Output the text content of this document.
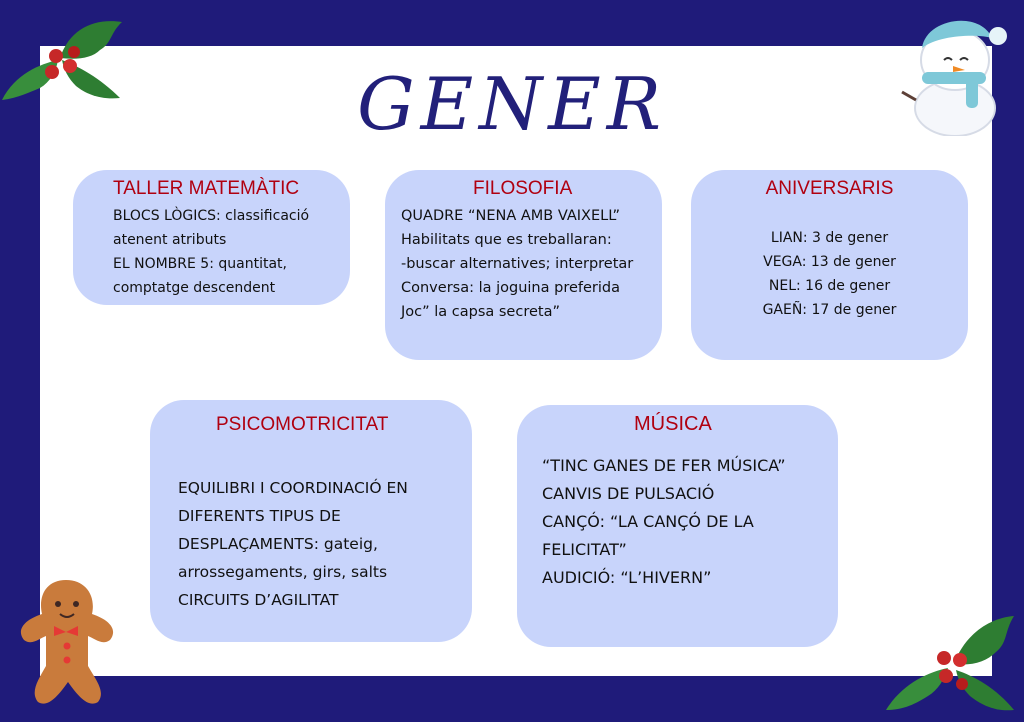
GENER
TALLER MATEMÀTIC

BLOCS LÒGICS: classificació

atenent atributs

EL NOMBRE 5: quantitat,

comptatge descendent

FILOSOFIA

QUADRE “NENA AMB VAIXELL”

Habilitats que es treballaran:

-buscar alternatives; interpretar

Conversa: la joguina preferida

Joc” la capsa secreta”

ANIVERSARIS

LIAN: 3 de gener

VEGA: 13 de gener

NEL: 16 de gener

GAEÑ: 17 de gener

PSICOMOTRICITAT

EQUILIBRI I COORDINACIÓ EN

DIFERENTS TIPUS DE

DESPLAÇAMENTS: gateig,

arrossegaments, girs, salts

CIRCUITS D’AGILITAT

MÚSICA

“TINC GANES DE FER MÚSICA”

CANVIS DE PULSACIÓ

CANÇÓ: “LA CANÇÓ DE LA

FELICITAT”

AUDICIÓ: “L’HIVERN”
